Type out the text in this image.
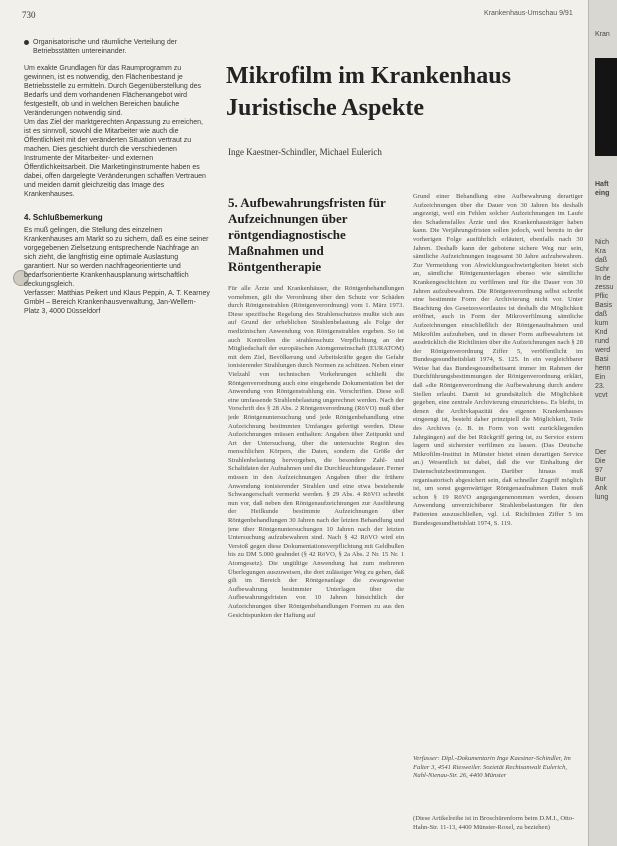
730	Krankenhaus-Umschau 9/91
Organisatorische und räumliche Verteilung der Betriebsstätten untereinander.

Um exakte Grundlagen für das Raumprogramm zu gewinnen, ist es notwendig, den Flächenbestand je Betriebsstelle zu ermitteln. Durch Gegenüberstellung des Bedarfs und dem vorhandenen Flächenangebot wird festgestellt, ob und in welchen Bereichen bauliche Veränderungen notwendig sind.

Um das Ziel der marktgerechten Anpassung zu erreichen, ist es sinnvoll, sowohl die Mitarbeiter wie auch die Öffentlichkeit mit der veränderten Situation vertraut zu machen. Dies geschieht durch die verschiedenen Instrumente der Mitarbeiter- und externen Öffentlichkeitsarbeit. Die Marketinginstrumente haben es dabei, offen dargelegte Veränderungen schaffen Vertrauen und meiden damit gleichzeitig das Image des Krankenhauses.

4. Schlußbemerkung

Es muß gelingen, die Stellung des einzelnen Krankenhauses am Markt so zu sichern, daß es eine seiner vorgegebenen Zielsetzung entsprechende Nachfrage an sich zieht, die langfristig eine optimale Auslastung garantiert. Nur so werden nachfrageorientierte und bedarfsorientierte Krankenhausplanung wirtschaftlich deckungsgleich.

Verfasser: Matthias Peikert und Klaus Peppin, A. T. Kearney GmbH – Bereich Krankenhausverwaltung, Jan-Wellem-Platz 3, 4000 Düsseldorf

Mikrofilm im Krankenhaus
Juristische Aspekte
Inge Kaestner-Schindler, Michael Eulerich
5. Aufbewahrungsfristen für Aufzeichnungen über röntgendiagnostische Maßnahmen und Röntgentherapie
Für alle Ärzte und Krankenhäuser, die Röntgenbehandlungen vornehmen, gilt die Verordnung über den Schutz vor Schäden durch Röntgenstrahlen (Röntgenverordnung) vom 1. März 1973. Diese spezifische Regelung des Strahlenschutzes mußte sich aus auf Grund der erheblichen Strahlenbelastung als Folge der medizinischen Anwendung von Röntgenstrahlen ergeben. So ist auch Kontrollen die strahlenschutz Verpflichtung an der Mitgliedschaft der europäischen Atomgemeinschaft (EURATOM) mit dem Ziel, Bevölkerung und Arbeitskräfte gegen die Gefahr ionisierender Strahlungen durch Normen zu schützen. Neben einer Vielzahl von technischen Vorkehrungen schließt die Röntgenverordnung auch eine eingehende Dokumentation bei der Anwendung von Röntgenstrahlung ein. Vorschriften. Diese soll eine umfassende Strahlenbelastung ungerechnet werden. Nach der Vorschrift des § 28 Abs. 2 Röntgenverordnung (RöVO) muß über jede Röntgenuntersuchung und jede Röntgenbehandlung eine Aufzeichnung bestimmten Umfanges gefertigt werden. Diese Aufzeichnungen müssen enthalten: Angaben über Zeitpunkt und Art der Untersuchung, über die untersuchte Region des menschlichen Körpers, die Daten, sondern die Größe der Strahlenbelastung hervorgeben, die besondere Zahl- und Schaltdaten der Aufnahmen und die Durchleuchtungsdauer. Ferner müssen in den Aufzeichnungen Angaben über die frühere Anwendung ionisierender Strahlen und eine etwa bestehende Schwangerschaft vermerkt werden. § 29 Abs. 4 RöVO schreibt nun vor, daß neben den Röntgenaufzeichnungen zur Ausführung der Heilkunde bestimmte Aufzeichnungen über Röntgenbehandlungen 30 Jahren nach der letzten Behandlung und jene über Röntgenuntersuchungen 10 Jahren nach der letzten Untersuchung aufzubewahren sind. Nach § 42 RöVO wird ein Verstoß gegen diese Dokumentationsverpflichtung mit Geldbußen bis zu DM 5.000 geahndet (§ 42 RöVO, § 2a Abs. 2 Nr. 15 Nr. 1 Atomgesetz). Die ungültige Anwendung hat zum mehreren Überlegungen auszuweisen, die dort zulässiger Weg zu gehen, daß gilt im Bereich der Röntgenanlage die zwangsweise Aufbewahrung bestimmter Unterlagen über die Aufbewahrungsfristen von 10 Jahren hinsichtlich der Aufzeichnungen über Röntgenbehandlungen Formen zu aus den Gesichtspunkten der Haftung auf
Grund einer Behandlung eine Aufbewahrung derartiger Aufzeichnungen über die Dauer von 30 Jahren bis deshalb angezeigt, weil ein Fehlen solcher Aufzeichnungen im Laufe des Schadensfalles Ärzte und des Krankenhausträger haben kann. Die Verjährungsfristen sollen jedoch, weil bereits in der vorherigen Folge ausführlich erläutert, ebenfalls nach 30 Jahren. Deshalb kann der gebotene sichere Weg nur sein, sämtliche Aufzeichnungen insgesamt 30 Jahre aufzubewahren. Zur Vermeidung von Abwicklungsschwierigkeiten bietet sich an, sämtliche Röntgenunterlagen ebenso wie sämtliche Krankengeschichten zu verfilmen und für die Dauer von 30 Jahren aufzubewahren. Die Röntgenverordnung selbst schreibt eine bestimmte Form der Archivierung nicht vor. Unter Beachtung des Gesetzeswortlautes ist deshalb die Möglichkeit eröffnet, auch in Form der Mikroverfilmung sämtliche Aufzeichnungen einschließlich der Röntgenaufnahmen und Mikrofilm aufzuheben, und in dieser Form aufbewahrtem ist ausdrücklich die Richtlinien über die Aufzeichnungen nach § 28 der Röntgenverordnung Ziffer 5, veröffentlicht im Bundesgesundheitsblatt 1974, S. 125. In ein vergleichbarer Weise hat das Bundesgesundheitsamt immer im Rahmen der Durchführungsbestimmungen der Röntgenverordnung erklärt, daß »die Röntgenverordnung die Aufbewahrung durch andere Stellen erlaubt. Damit ist grundsätzlich die Möglichkeit gegeben, eine zentrale Archivierung einzurichten«. Es bleibt, in denen die Archivkapazität des eigenen Krankenhauses eingeengt ist, besteht daher prinzipiell die Möglichkeit, Teile des Archives (z. B. in Form von weit zurückliegenden Jahrgängen) auf die bei Rückgriff gering ist, zu Service extern lagern und sicherster verfilmen zu lassen. (Das Deutsche Mikrofilm-Institut in Münster bietet einen derartigen Service an.) Wesentlich ist dabei, daß die vor Einhaltung der Datenschutzbestimmungen. Darüber hinaus muß organisatorisch abgesichert sein, daß schneller Zugriff möglich ist, um sonst gegenwärtiger Röntgenaufnahmen Daten muß schon § 19 RöVO angegangenenommen werden, dessen Anwendung unverzichtbarer Strahlenbelastungen für den Patienten auszuschließen, vgl. i.d. Richtlinien Ziffer 5 im Bundesgesundheitsblatt 1974, S. 119.
Verfasser: Dipl.-Dokumentarin Inge Kaestner-Schindler, Im Falter 3, 4541 Riesweiler. Sozietät Rechtsanwalt Eulerich, Nahl-Nienau-Str. 26, 4400 Münster
(Diese Artikelreihe ist in Broschürenform beim D.M.I., Otto-Hahn-Str. 11-13, 4400 Münster-Roxel, zu beziehen)
Kran
Haft
eing
Nich
Kra
daß
Schr
In de
zessu
Pflic
Basis
daß
kum
Knd
rund
werd
Basi
henn
Ein
23.
vcvt
Der
Die
97
Bur
Ank
lung
